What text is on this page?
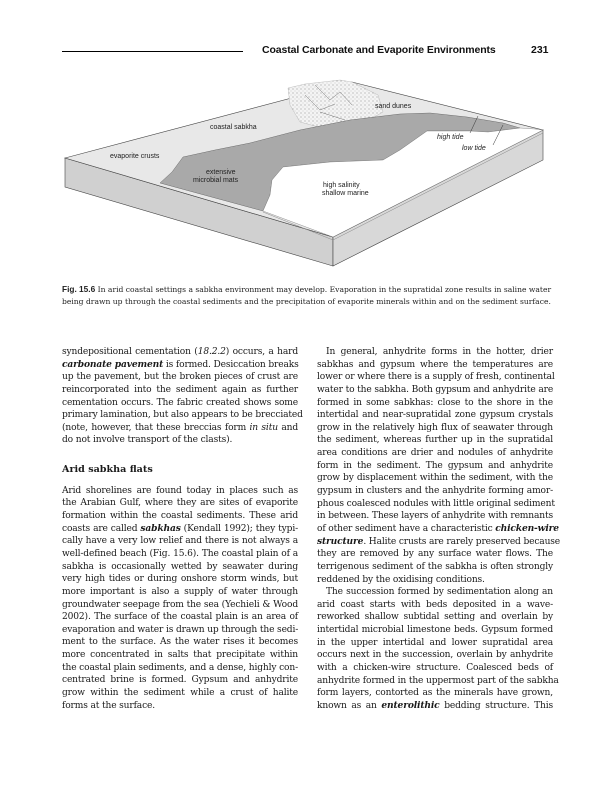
Coastal Carbonate and Evaporite Environments	231
sand dunes
coastal sabkha
evaporite crusts
extensive
microbial mats
high salinity
shallow marine
high tide
low tide
Fig. 15.6 In arid coastal settings a sabkha environment may develop. Evaporation in the supratidal zone results in saline water being drawn up through the coastal sediments and the precipitation of evaporite minerals within and on the sediment surface.
syndepositional cementation (18.2.2) occurs, a hard
carbonate pavement is formed. Desiccation breaks
up the pavement, but the broken pieces of crust are
reincorporated into the sediment again as further
cementation occurs. The fabric created shows some
primary lamination, but also appears to be brecciated
(note, however, that these breccias form in situ and
do not involve transport of the clasts).
Arid sabkha flats
Arid shorelines are found today in places such as
the Arabian Gulf, where they are sites of evaporite
formation within the coastal sediments. These arid
coasts are called sabkhas (Kendall 1992); they typi-
cally have a very low relief and there is not always a
well-defined beach (Fig. 15.6). The coastal plain of a
sabkha is occasionally wetted by seawater during
very high tides or during onshore storm winds, but
more important is also a supply of water through
groundwater seepage from the sea (Yechieli & Wood
2002). The surface of the coastal plain is an area of
evaporation and water is drawn up through the sedi-
ment to the surface. As the water rises it becomes
more concentrated in salts that precipitate within
the coastal plain sediments, and a dense, highly con-
centrated brine is formed. Gypsum and anhydrite
grow within the sediment while a crust of halite
forms at the surface.
In general, anhydrite forms in the hotter, drier
sabkhas and gypsum where the temperatures are
lower or where there is a supply of fresh, continental
water to the sabkha. Both gypsum and anhydrite are
formed in some sabkhas: close to the shore in the
intertidal and near-supratidal zone gypsum crystals
grow in the relatively high flux of seawater through
the sediment, whereas further up in the supratidal
area conditions are drier and nodules of anhydrite
form in the sediment. The gypsum and anhydrite
grow by displacement within the sediment, with the
gypsum in clusters and the anhydrite forming amor-
phous coalesced nodules with little original sediment
in between. These layers of anhydrite with remnants
of other sediment have a characteristic chicken-wire
structure. Halite crusts are rarely preserved because
they are removed by any surface water flows. The
terrigenous sediment of the sabkha is often strongly
reddened by the oxidising conditions.
The succession formed by sedimentation along an
arid coast starts with beds deposited in a wave-
reworked shallow subtidal setting and overlain by
intertidal microbial limestone beds. Gypsum formed
in the upper intertidal and lower supratidal area
occurs next in the succession, overlain by anhydrite
with a chicken-wire structure. Coalesced beds of
anhydrite formed in the uppermost part of the sabkha
form layers, contorted as the minerals have grown,
known as an enterolithic bedding structure. This
